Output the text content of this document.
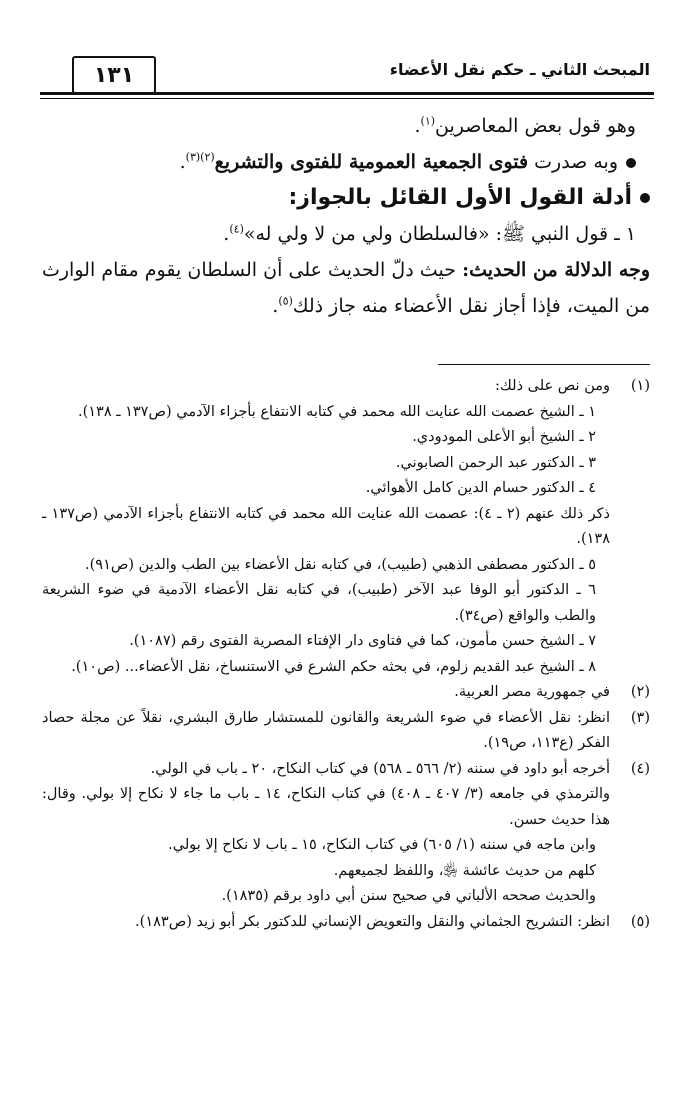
المبحث الثاني ـ حكم نقل الأعضاء
١٣١

وهو قول بعض المعاصرين$^{(١)}$.

وبه صدرت فتوى الجمعية العمومية للفتوى والتشريع$^{(٢)(٣)}$.

أدلة القول الأول القائل بالجواز:

١ ـ قول النبي ﷺ: «فالسلطان ولي من لا ولي له»$^{(٤)}$.

وجه الدلالة من الحديث: حيث دلّ الحديث على أن السلطان يقوم مقام الوارث من الميت، فإذا أجاز نقل الأعضاء منه جاز ذلك$^{(٥)}$.

(١)
ومن نص على ذلك:
١ ـ الشيخ عصمت الله عنايت الله محمد في كتابه الانتفاع بأجزاء الآدمي (ص١٣٧ ـ ١٣٨).
٢ ـ الشيخ أبو الأعلى المودودي.
٣ ـ الدكتور عبد الرحمن الصابوني.
٤ ـ الدكتور حسام الدين كامل الأهوائي.
ذكر ذلك عنهم (٢ ـ ٤): عصمت الله عنايت الله محمد في كتابه الانتفاع بأجزاء الآدمي (ص١٣٧ ـ ١٣٨).
٥ ـ الدكتور مصطفى الذهبي (طبيب)، في كتابه نقل الأعضاء بين الطب والدين (ص٩١).
٦ ـ الدكتور أبو الوفا عبد الآخر (طبيب)، في كتابه نقل الأعضاء الآدمية في ضوء الشريعة والطب والواقع (ص٣٤).
٧ ـ الشيخ حسن مأمون، كما في فتاوى دار الإفتاء المصرية الفتوى رقم (١٠٨٧).
٨ ـ الشيخ عبد القديم زلوم، في بحثه حكم الشرع في الاستنساخ، نقل الأعضاء... (ص١٠).
(٢)
في جمهورية مصر العربية.
(٣)
انظر: نقل الأعضاء في ضوء الشريعة والقانون للمستشار طارق البشري، نقلاً عن مجلة حصاد الفكر (ع١١٣، ص١٩).
(٤)
أخرجه أبو داود في سننه (٢/ ٥٦٦ ـ ٥٦٨) في كتاب النكاح، ٢٠ ـ باب في الولي.
والترمذي في جامعه (٣/ ٤٠٧ ـ ٤٠٨) في كتاب النكاح، ١٤ ـ باب ما جاء لا نكاح إلا بولي. وقال: هذا حديث حسن.
وابن ماجه في سننه (١/ ٦٠٥) في كتاب النكاح، ١٥ ـ باب لا نكاح إلا بولي.
كلهم من حديث عائشة ﵂، واللفظ لجميعهم.
والحديث صححه الألباني في صحيح سنن أبي داود برقم (١٨٣٥).
(٥)
انظر: التشريح الجثماني والنقل والتعويض الإنساني للدكتور بكر أبو زيد (ص١٨٣).
